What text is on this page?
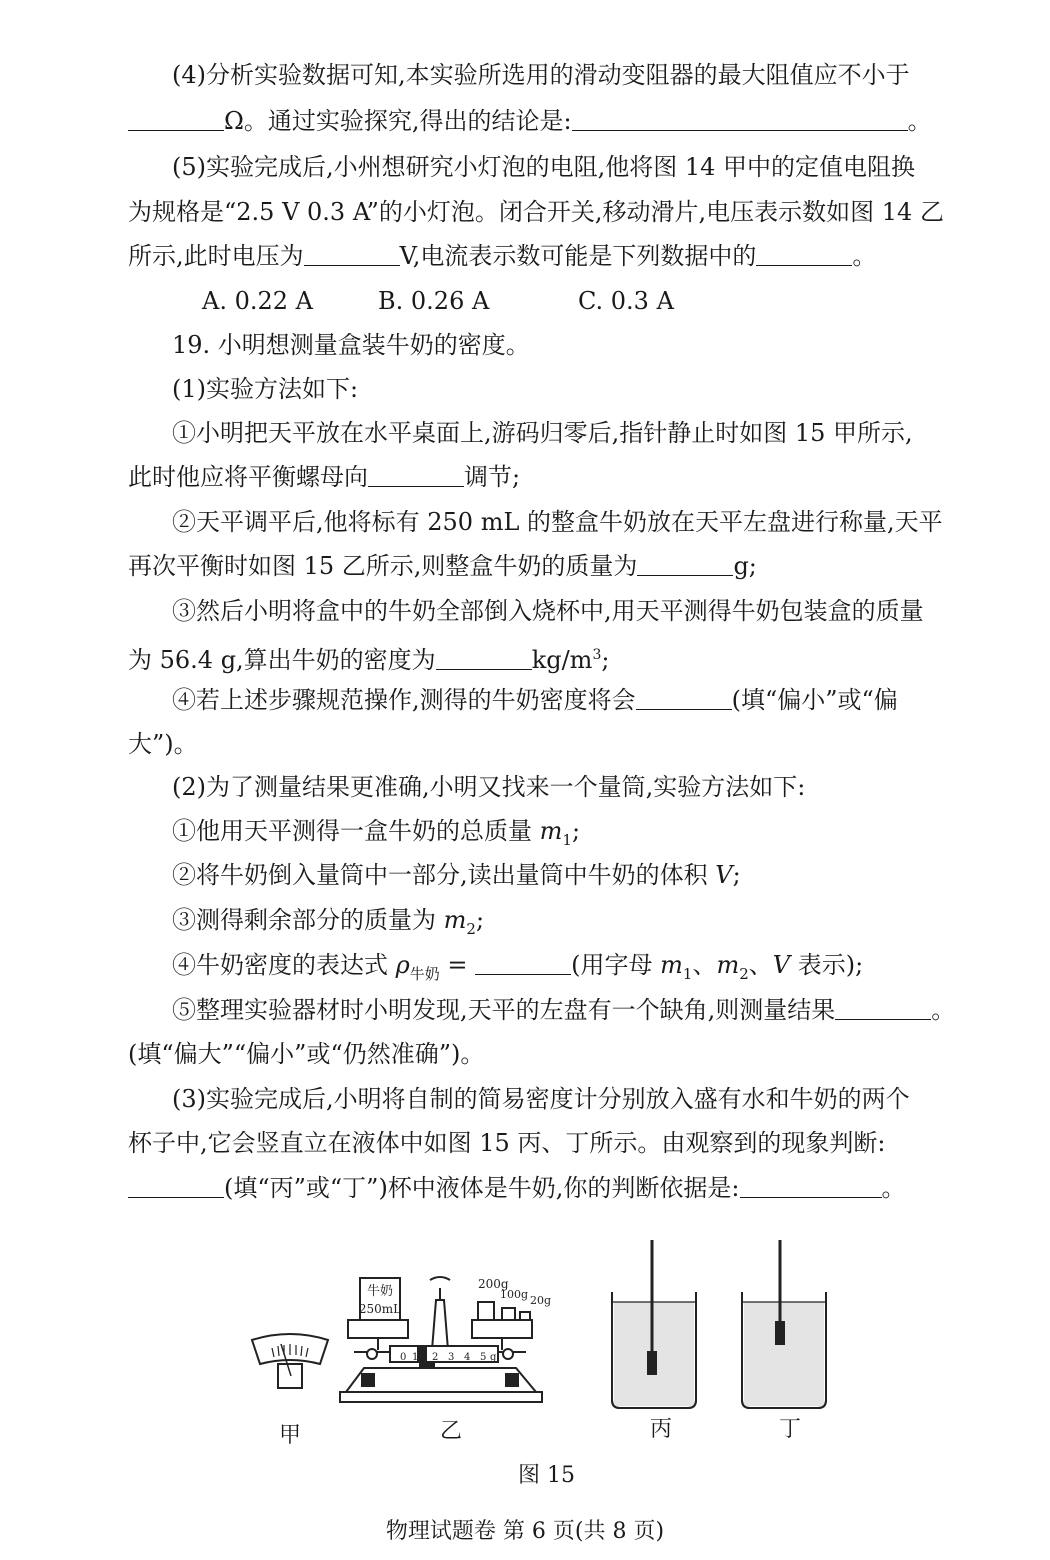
(4)分析实验数据可知,本实验所选用的滑动变阻器的最大阻值应不小于
Ω。通过实验探究,得出的结论是:	。
(5)实验完成后,小州想研究小灯泡的电阻,他将图 14 甲中的定值电阻换
为规格是“2.5 V 0.3 A”的小灯泡。闭合开关,移动滑片,电压表示数如图 14 乙
所示,此时电压为	V,电流表示数可能是下列数据中的	。
A. 0.22 A	B. 0.26 A	C. 0.3 A
19. 小明想测量盒装牛奶的密度。
(1)实验方法如下:
①小明把天平放在水平桌面上,游码归零后,指针静止时如图 15 甲所示,
此时他应将平衡螺母向	调节;
②天平调平后,他将标有 250 mL 的整盒牛奶放在天平左盘进行称量,天平
再次平衡时如图 15 乙所示,则整盒牛奶的质量为	g;
③然后小明将盒中的牛奶全部倒入烧杯中,用天平测得牛奶包装盒的质量
为 56.4 g,算出牛奶的密度为	$kg/m^3$;
④若上述步骤规范操作,测得的牛奶密度将会	(填“偏小”或“偏
大”)。
(2)为了测量结果更准确,小明又找来一个量筒,实验方法如下:
①他用天平测得一盒牛奶的总质量 $m_1$;
②将牛奶倒入量筒中一部分,读出量筒中牛奶的体积 V;
③测得剩余部分的质量为 $m_2$;
④牛奶密度的表达式 $\rho_{牛奶}$ =	(用字母 $m_1$、$m_2$、V 表示);
⑤整理实验器材时小明发现,天平的左盘有一个缺角,则测量结果	。
(填“偏大”“偏小”或“仍然准确”)。
(3)实验完成后,小明将自制的简易密度计分别放入盛有水和牛奶的两个
杯子中,它会竖直立在液体中如图 15 丙、丁所示。由观察到的现象判断:
(填“丙”或“丁”)杯中液体是牛奶,你的判断依据是:	。
牛奶
250mL
200g
100g 20g
0 1 2 3 4 5 g
甲	乙	丙	丁
图 15
物理试题卷 第 6 页(共 8 页)
